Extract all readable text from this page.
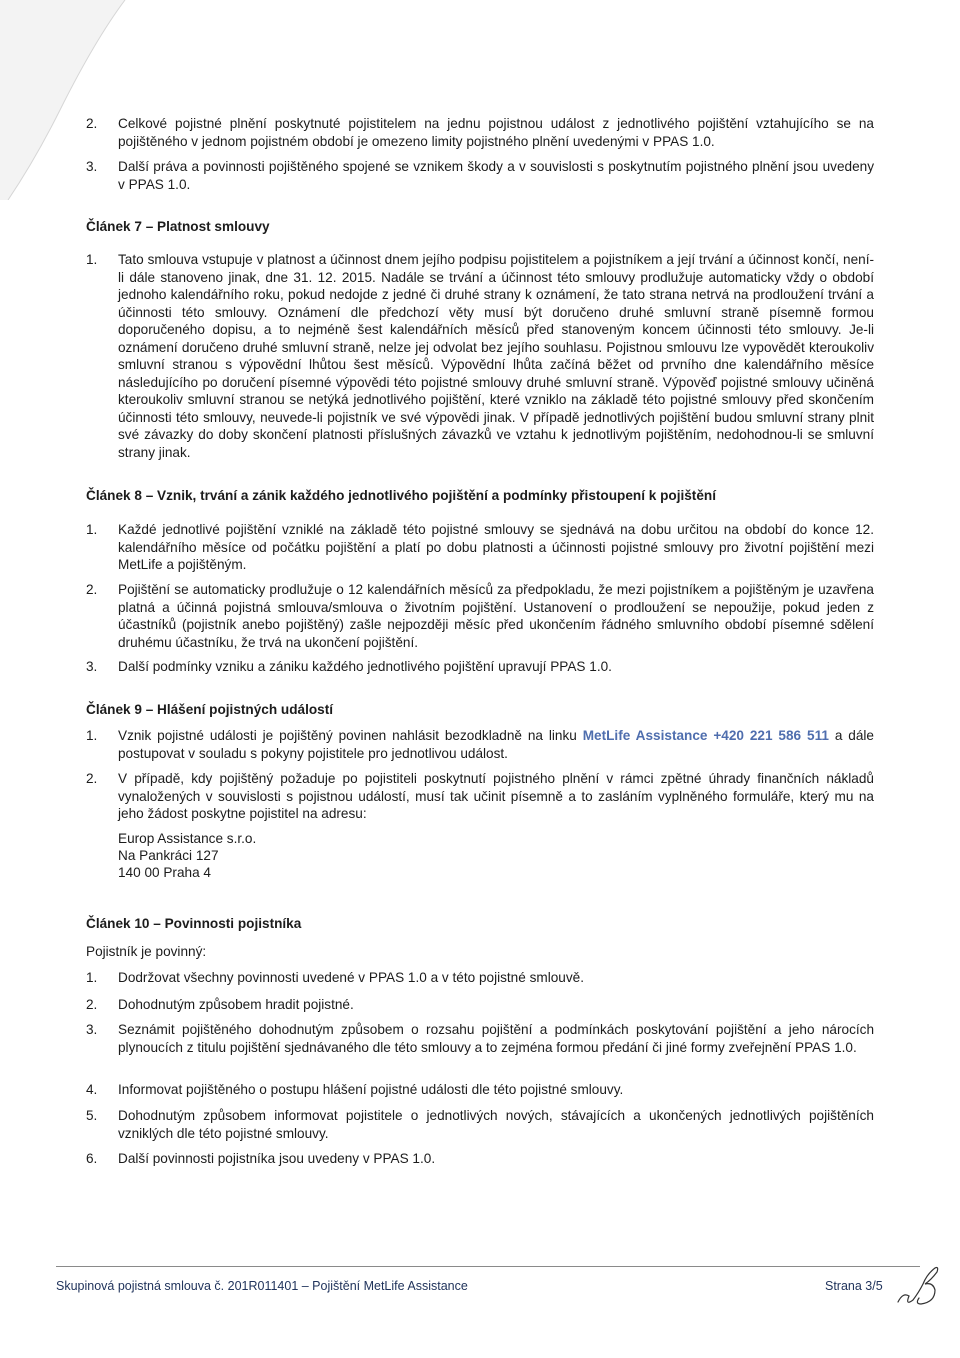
2.	Celkové pojistné plnění poskytnuté pojistitelem na jednu pojistnou událost z jednotlivého pojištění vztahujícího se na pojištěného v jednom pojistném období je omezeno limity pojistného plnění uvedenými v PPAS 1.0.
3.	Další práva a povinnosti pojištěného spojené se vznikem škody a v souvislosti s poskytnutím pojistného plnění jsou uvedeny v PPAS 1.0.
Článek 7 – Platnost smlouvy
1.	Tato smlouva vstupuje v platnost a účinnost dnem jejího podpisu pojistitelem a pojistníkem a její trvání a účinnost končí, není-li dále stanoveno jinak, dne 31. 12. 2015. Nadále se trvání a účinnost této smlouvy prodlužuje automaticky vždy o období jednoho kalendářního roku, pokud nedojde z jedné či druhé strany k oznámení, že tato strana netrvá na prodloužení trvání a účinnosti této smlouvy. Oznámení dle předchozí věty musí být doručeno druhé smluvní straně písemně formou doporučeného dopisu, a to nejméně šest kalendářních měsíců před stanoveným koncem účinnosti této smlouvy. Je-li oznámení doručeno druhé smluvní straně, nelze jej odvolat bez jejího souhlasu. Pojistnou smlouvu lze vypovědět kteroukoliv smluvní stranou s výpovědní lhůtou šest měsíců. Výpovědní lhůta začíná běžet od prvního dne kalendářního měsíce následujícího po doručení písemné výpovědi této pojistné smlouvy druhé smluvní straně. Výpověď pojistné smlouvy učiněná kteroukoliv smluvní stranou se netýká jednotlivého pojištění, které vzniklo na základě této pojistné smlouvy před skončením účinnosti této smlouvy, neuvede-li pojistník ve své výpovědi jinak. V případě jednotlivých pojištění budou smluvní strany plnit své závazky do doby skončení platnosti příslušných závazků ve vztahu k jednotlivým pojištěním, nedohodnou-li se smluvní strany jinak.
Článek 8 – Vznik, trvání a zánik každého jednotlivého pojištění a podmínky přistoupení k pojištění
1.	Každé jednotlivé pojištění vzniklé na základě této pojistné smlouvy se sjednává na dobu určitou na období do konce 12. kalendářního měsíce od počátku pojištění a platí po dobu platnosti a účinnosti pojistné smlouvy pro životní pojištění mezi MetLife a pojištěným.
2.	Pojištění se automaticky prodlužuje o 12 kalendářních měsíců za předpokladu, že mezi pojistníkem a pojištěným je uzavřena platná a účinná pojistná smlouva/smlouva o životním pojištění. Ustanovení o prodloužení se nepoužije, pokud jeden z účastníků (pojistník anebo pojištěný) zašle nejpozději měsíc před ukončením řádného smluvního období písemné sdělení druhému účastníku, že trvá na ukončení pojištění.
3.	Další podmínky vzniku a zániku každého jednotlivého pojištění upravují PPAS 1.0.
Článek 9 – Hlášení pojistných událostí
1.	Vznik pojistné události je pojištěný povinen nahlásit bezodkladně na linku MetLife Assistance +420 221 586 511 a dále postupovat v souladu s pokyny pojistitele pro jednotlivou událost.
2.	V případě, kdy pojištěný požaduje po pojistiteli poskytnutí pojistného plnění v rámci zpětné úhrady finančních nákladů vynaložených v souvislosti s pojistnou událostí, musí tak učinit písemně a to zasláním vyplněného formuláře, který mu na jeho žádost poskytne pojistitel na adresu:
Europ Assistance s.r.o.
Na Pankráci 127
140 00 Praha 4
Článek 10 – Povinnosti pojistníka
Pojistník je povinný:
1.	Dodržovat všechny povinnosti uvedené v PPAS 1.0 a v této pojistné smlouvě.
2.	Dohodnutým způsobem hradit pojistné.
3.	Seznámit pojištěného dohodnutým způsobem o rozsahu pojištění a podmínkách poskytování pojištění a jeho nárocích plynoucích z titulu pojištění sjednávaného dle této smlouvy a to zejména formou předání či jiné formy zveřejnění PPAS 1.0.
4.	Informovat pojištěného o postupu hlášení pojistné události dle této pojistné smlouvy.
5.	Dohodnutým způsobem informovat pojistitele o jednotlivých nových, stávajících a ukončených jednotlivých pojištěních vzniklých dle této pojistné smlouvy.
6.	Další povinnosti pojistníka jsou uvedeny v PPAS 1.0.
Skupinová pojistná smlouva č. 201R011401 – Pojištění MetLife Assistance	Strana 3/5
